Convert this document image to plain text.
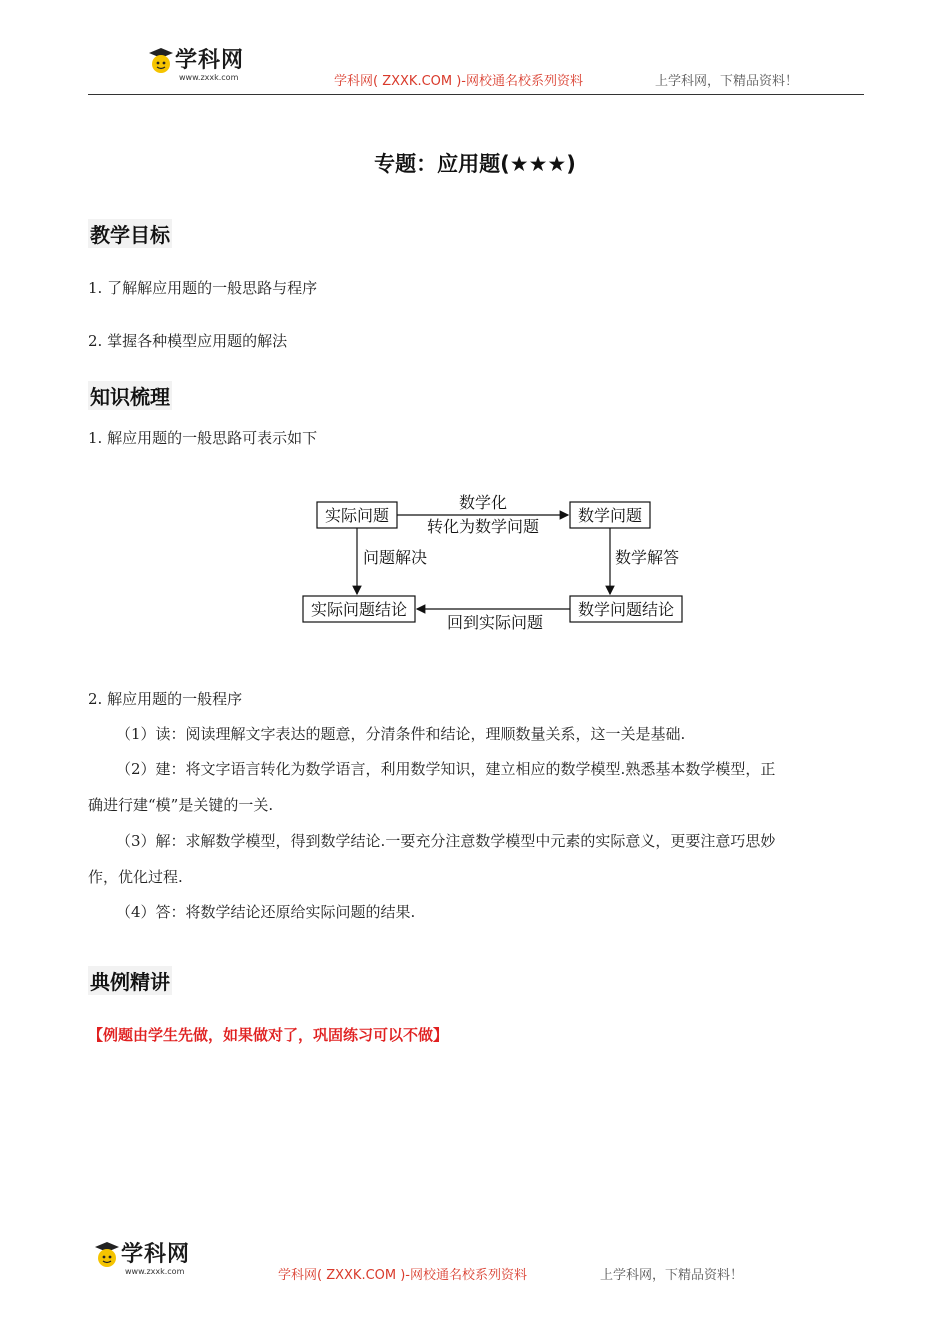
学科网
www.zxxk.com	学科网( ZXXK.COM )-网校通名校系列资料	上学科网，下精品资料！
专题：应用题(★★★)
教学目标
1. 了解解应用题的一般思路与程序
2. 掌握各种模型应用题的解法
知识梳理
1. 解应用题的一般思路可表示如下
实际问题	数学问题
实际问题结论	数学问题结论
数学化
转化为数学问题
问题解决	数学解答
回到实际问题
2. 解应用题的一般程序
（1）读：阅读理解文字表达的题意，分清条件和结论，理顺数量关系，这一关是基础.
（2）建：将文字语言转化为数学语言，利用数学知识，建立相应的数学模型.熟悉基本数学模型，正
确进行建“模”是关键的一关.
（3）解：求解数学模型，得到数学结论.一要充分注意数学模型中元素的实际意义，更要注意巧思妙
作，优化过程.
（4）答：将数学结论还原给实际问题的结果.
典例精讲
【例题由学生先做，如果做对了，巩固练习可以不做】
学科网
www.zxxk.com	学科网( ZXXK.COM )-网校通名校系列资料	上学科网，下精品资料！
